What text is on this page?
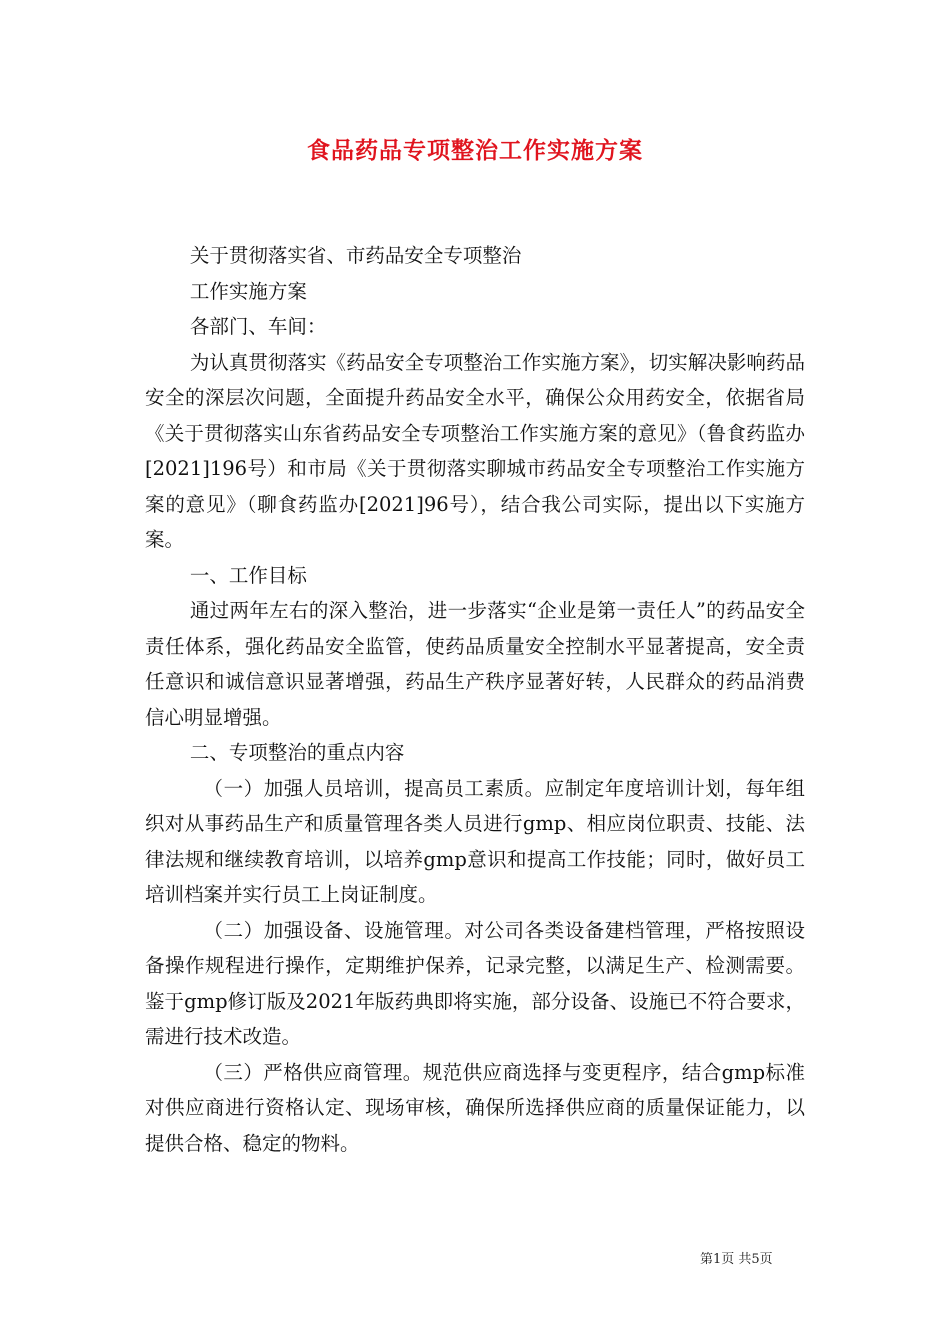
食品药品专项整治工作实施方案

关于贯彻落实省、市药品安全专项整治

工作实施方案

各部门、车间：

为认真贯彻落实《药品安全专项整治工作实施方案》，切实解决影响药品安全的深层次问题，全面提升药品安全水平，确保公众用药安全，依据省局《关于贯彻落实山东省药品安全专项整治工作实施方案的意见》（鲁食药监办[2021]196号）和市局《关于贯彻落实聊城市药品安全专项整治工作实施方案的意见》（聊食药监办[2021]96号），结合我公司实际，提出以下实施方案。

一、工作目标

通过两年左右的深入整治，进一步落实“企业是第一责任人”的药品安全责任体系，强化药品安全监管，使药品质量安全控制水平显著提高，安全责任意识和诚信意识显著增强，药品生产秩序显著好转，人民群众的药品消费信心明显增强。

二、专项整治的重点内容

（一）加强人员培训，提高员工素质。应制定年度培训计划，每年组织对从事药品生产和质量管理各类人员进行gmp、相应岗位职责、技能、法律法规和继续教育培训，以培养gmp意识和提高工作技能；同时，做好员工培训档案并实行员工上岗证制度。

（二）加强设备、设施管理。对公司各类设备建档管理，严格按照设备操作规程进行操作，定期维护保养，记录完整，以满足生产、检测需要。鉴于gmp修订版及2021年版药典即将实施，部分设备、设施已不符合要求，需进行技术改造。

（三）严格供应商管理。规范供应商选择与变更程序，结合gmp标准对供应商进行资格认定、现场审核，确保所选择供应商的质量保证能力，以提供合格、稳定的物料。

第1页 共5页
